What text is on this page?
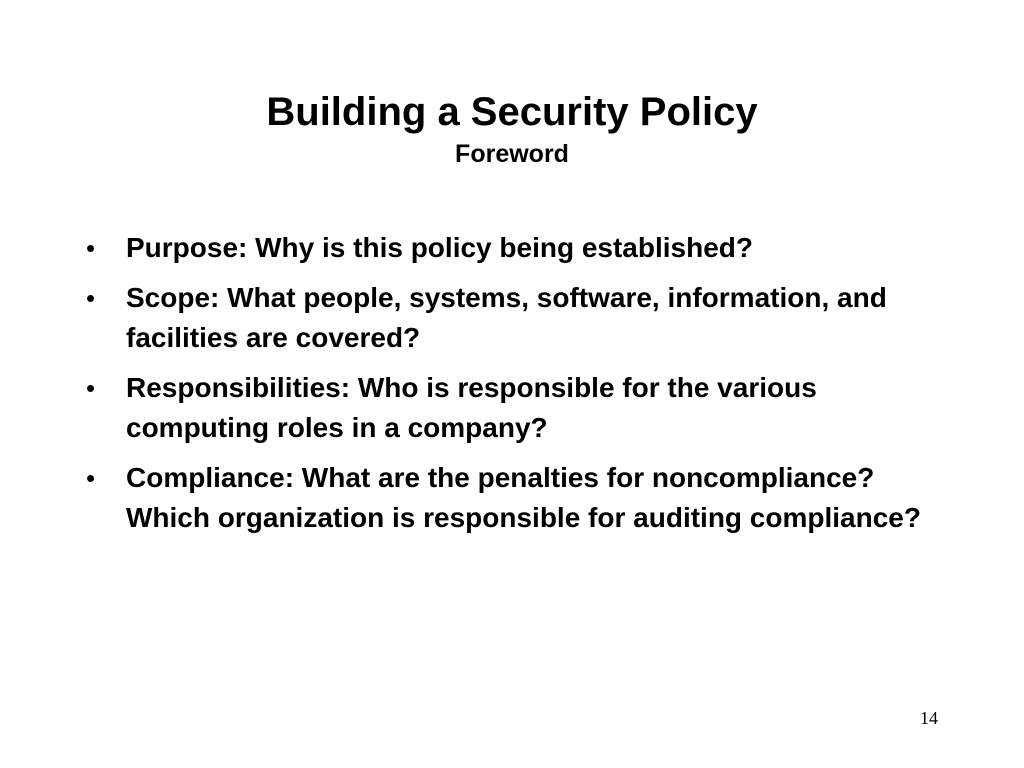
Building a Security Policy
Foreword
• Purpose: Why is this policy being established?
• Scope: What people, systems, software, information, and facilities are covered?
• Responsibilities: Who is responsible for the various computing roles in a company?
• Compliance: What are the penalties for noncompliance? Which organization is responsible for auditing compliance?
14
